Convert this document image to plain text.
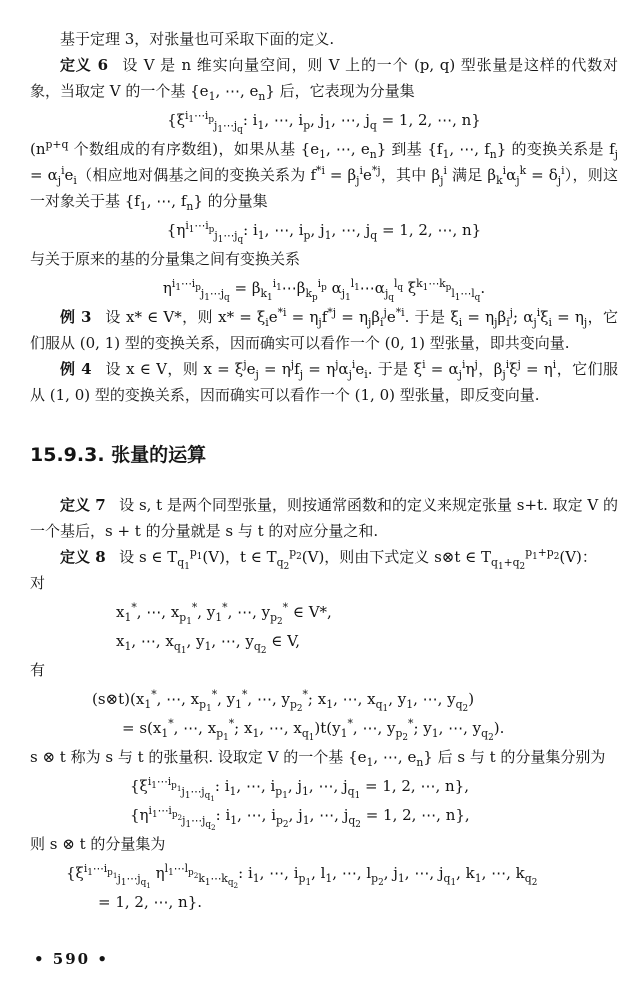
基于定理 3，对张量也可采取下面的定义.

定义 6 设 V 是 n 维实向量空间，则 V 上的一个 (p, q) 型张量是这样的代数对象，当取定 V 的一个基 {$e_1$, ⋯, $e_n$} 后，它表现为分量集

{$\xi^{i_1\cdots i_p}_{j_1\cdots j_q}$: $i_1$, ⋯, $i_p$, $j_1$, ⋯, $j_q = 1$, 2, ⋯, n}

($n^{p+q}$ 个数组成的有序数组)，如果从基 {$e_1$, ⋯, $e_n$} 到基 {$f_1$, ⋯, $f_n$} 的变换关系是 $f_j = \alpha_j^ie_i$（相应地对偶基之间的变换关系为 $f^{*i} = \beta_j^ie^{*j}$，其中 $\beta_j^i$ 满足 $\beta_k^i\alpha_j^k = \delta_j^i$），则这一对象关于基 {$f_1$, ⋯, $f_n$} 的分量集

{$\eta^{i_1\cdots i_p}_{j_1\cdots j_q}$: $i_1$, ⋯, $i_p$, $j_1$, ⋯, $j_q = 1$, 2, ⋯, n}

与关于原来的基的分量集之间有变换关系

$\eta^{i_1\cdots i_p}_{j_1\cdots j_q}$ = $\beta_{k_1}^{i_1}\cdots\beta_{k_p}^{i_p}$ $\alpha_{j_1}^{l_1}\cdots\alpha_{j_q}^{l_q}$ $\xi^{k_1\cdots k_p}_{l_1\cdots l_q}$.

例 3 设 x* ∈ V*，则 $x* = \xi_ie^{*i} = \eta_jf^{*j} = \eta_j\beta_i^je^{*i}$. 于是 $\xi_i = \eta_j\beta_i^j$; $\alpha_j^i\xi_i = \eta_j$，它们服从 (0, 1) 型的变换关系，因而确实可以看作一个 (0, 1) 型张量，即共变向量.

例 4 设 x ∈ V，则 $x = \xi^je_j = \eta^jf_j = \eta^j\alpha_j^ie_i$. 于是 $\xi^i = \alpha_j^i\eta^j$，$\beta_j^i\xi^j = \eta^i$，它们服从 (1, 0) 型的变换关系，因而确实可以看作一个 (1, 0) 型张量，即反变向量.

15.9.3. 张量的运算

定义 7 设 s, t 是两个同型张量，则按通常函数和的定义来规定张量 s+t. 取定 V 的一个基后，s + t 的分量就是 s 与 t 的对应分量之和.

定义 8 设 s ∈ $T_{q_1}^{p_1}(V)$，t ∈ $T_{q_2}^{p_2}(V)$，则由下式定义 s⊗t ∈ $T_{q_1+q_2}^{p_1+p_2}(V)$：

对

$x_1^*$, ⋯, $x_{p_1}^*$, $y_1^*$, ⋯, $y_{p_2}^*$ ∈ V*,
$x_1$, ⋯, $x_{q_1}$, $y_1$, ⋯, $y_{q_2}$ ∈ V,

有

$(s\otimes t)(x_1^*$, ⋯, $x_{p_1}^*$, $y_1^*$, ⋯, $y_{p_2}^*$; $x_1$, ⋯, $x_{q_1}$, $y_1$, ⋯, $y_{q_2}$)
= $s(x_1^*$, ⋯, $x_{p_1}^*$; $x_1$, ⋯, $x_{q_1})t(y_1^*$, ⋯, $y_{p_2}^*$; $y_1$, ⋯, $y_{q_2}$).

s ⊗ t 称为 s 与 t 的张量积. 设取定 V 的一个基 {$e_1$, ⋯, $e_n$} 后 s 与 t 的分量集分别为

{$\xi^{i_1\cdots i_{p_1}}_{j_1\cdots j_{q_1}}$: $i_1$, ⋯, $i_{p_1}$, $j_1$, ⋯, $j_{q_1} = 1$, 2, ⋯, n},
{$\eta^{i_1\cdots i_{p_2}}_{j_1\cdots j_{q_2}}$: $i_1$, ⋯, $i_{p_2}$, $j_1$, ⋯, $j_{q_2} = 1$, 2, ⋯, n},

则 s ⊗ t 的分量集为

{$\xi^{i_1\cdots i_{p_1}}_{j_1\cdots j_{q_1}}$ $\eta^{l_1\cdots l_{p_2}}_{k_1\cdots k_{q_2}}$: $i_1$, ⋯, $i_{p_1}$, $l_1$, ⋯, $l_{p_2}$, $j_1$, ⋯, $j_{q_1}$, $k_1$, ⋯, $k_{q_2}$
= 1, 2, ⋯, n}.
• 590 •
